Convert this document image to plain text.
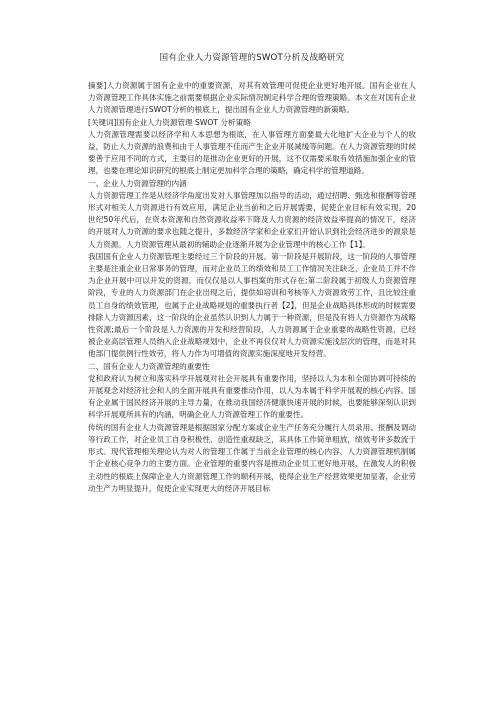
国有企业人力资源管理的SWOT分析及战略研究

摘要]人力资源属于国有企业中的重要资源，对其有效管理可促使企业更好地开展。国有企业在人力资源管理工作具体实施之前需要根据企业实际情况制定科学合理的管理策略。本文在对国有企业人力资源管理进行SWOT分析的根底上，提出国有企业人力资源管理的新策略。

[关键词]国有企业人力资源管理 SWOT 分析策略

人力资源管理需要以经济学和人本思想为根底，在人事管理方面要最大化地扩大企业与个人的收益，防止人力资源的浪费和由于人事管理不佳而产生企业开展减缓等问题。在人力资源管理的时候要善于应用不同的方式，主要目的是推动企业更好的开展，这不仅需要采取有效措施加强企业的管理，也要在理论知识研究的根底上制定更加科学合理的策略，确定科学的管理道路。

一、企业人力资源管理的内涵

人力资源管理工作是从经济学角度出发对人事管理加以指导的活动，通过招聘、甄选和报酬等管理形式对相关人力资源进行有效应用，满足企业当前和之后开展需要，促使企业目标有效实现。20世纪50年代后，在资本资源和自然资源收益率下降及人力资源的经济效益率提高的情况下，经济的开展对人力资源的要求也随之提升，多数经济学家和企业家们开始认识到社会经济进步的源泉是人力资源。人力资源管理从最初的辅助企业逐渐开展为企业管理中的核心工作【1】。

我国国有企业人力资源管理主要经过三个阶段的开展。第一阶段是开展阶段，这一阶段的人事管理主要是注重企业日常事务的管理，而对企业员工的绩效和员工工作情况关注缺乏，企业员工并不作为企业开展中可以开发的资源，而仅仅是以人事档案的形式存在;第二阶段属于初级人力资源管理阶段，专业的人力资源部门在企业出现之后，提供如培训和考核等人力资源效劳工作，且比较注重员工自身的绩效管理，也属于企业战略规划的重要执行者【2】，但是企业战略具体形成的时候需要排除人力资源因素，这一阶段的企业虽然认识到人力属于一种资源，但是没有将人力资源作为战略性资源;最后一个阶段是人力资源的开发和经营阶段，人力资源属于企业重要的战略性资源，已经被企业高层管理人员纳入企业战略规划中，企业不再仅仅对人力资源实施浅层次的管理，而是对其他部门提供例行性效劳，将人力作为可增值的资源实施深度地开发经营。

二、国有企业人力资源管理的重要性

党和政府认为树立和落实科学开展观对社会开展具有重要作用，坚持以人为本和全面协调可持续的开展观念对经济社会和人的全面开展具有重要推动作用，以人为本属于科学开展观的核心内容。国有企业属于国民经济开展的主导力量，在推动我国经济健康快速开展的时候，也要能够深刻认识到科学开展观所具有的内涵，明确企业人力资源管理工作的重要性。

传统的国有企业人力资源管理是根据国家分配方案或企业生产任务充分履行人员录用、报酬及调动等行政工作，对企业员工自身积极性、创造性重视缺乏，其具体工作简单粗放，绩效考评多数流于形式。现代管理相关理论认为对人的管理工作属于当前企业管理的核心内容，人力资源管理机制属于企业核心竞争力的主要方面。企业管理的重要内容是推动企业员工更好地开展，在激发人的积极主动性的根底上保障企业人力资源管理工作的顺利开展，使得企业生产经营效果更加显著，企业劳动生产力明显提升，促使企业实现更大的经济开展目标
